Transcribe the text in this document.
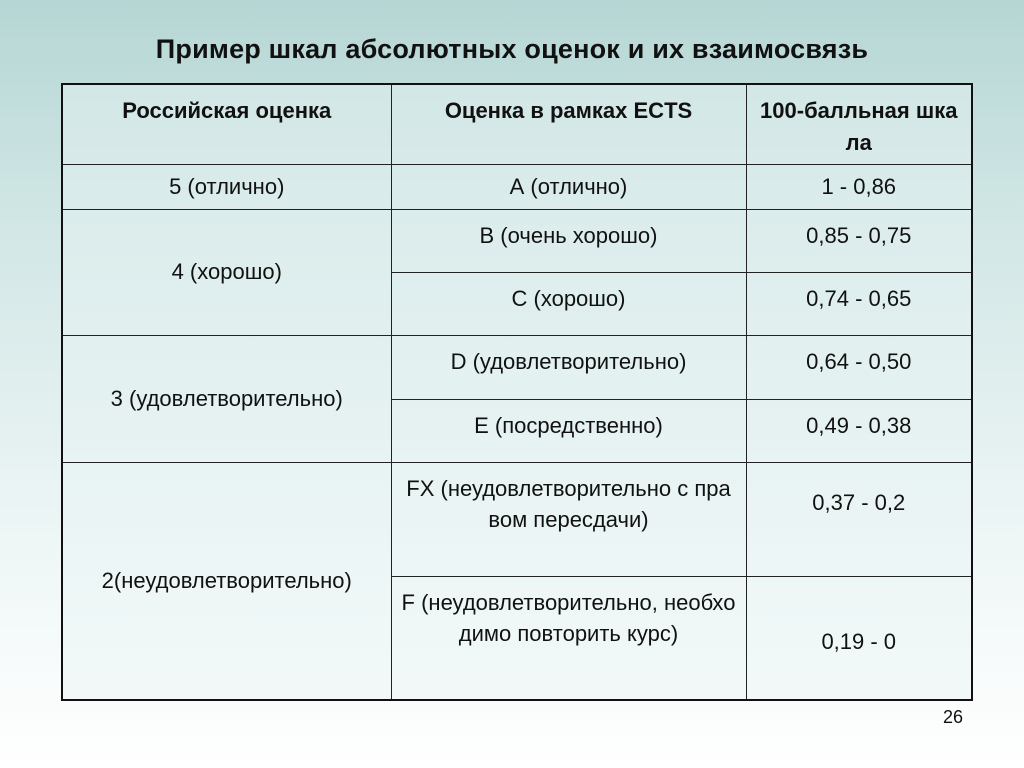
Пример шкал абсолютных оценок и их взаимосвязь
Российская оценка	Оценка в рамках ECTS	100-балльная шкала
5 (отлично)	А (отлично)	1 - 0,86
4 (хорошо)	В (очень хорошо)	0,85 - 0,75
	С (хорошо)	0,74 - 0,65
3 (удовлетворительно)	D (удовлетворительно)	0,64 - 0,50
	E (посредственно)	0,49 - 0,38
2(неудовлетворительно)	FX (неудовлетворительно с правом пересдачи)	0,37 - 0,2
	F (неудовлетворительно, необходимо повторить курс)	0,19 - 0
26
